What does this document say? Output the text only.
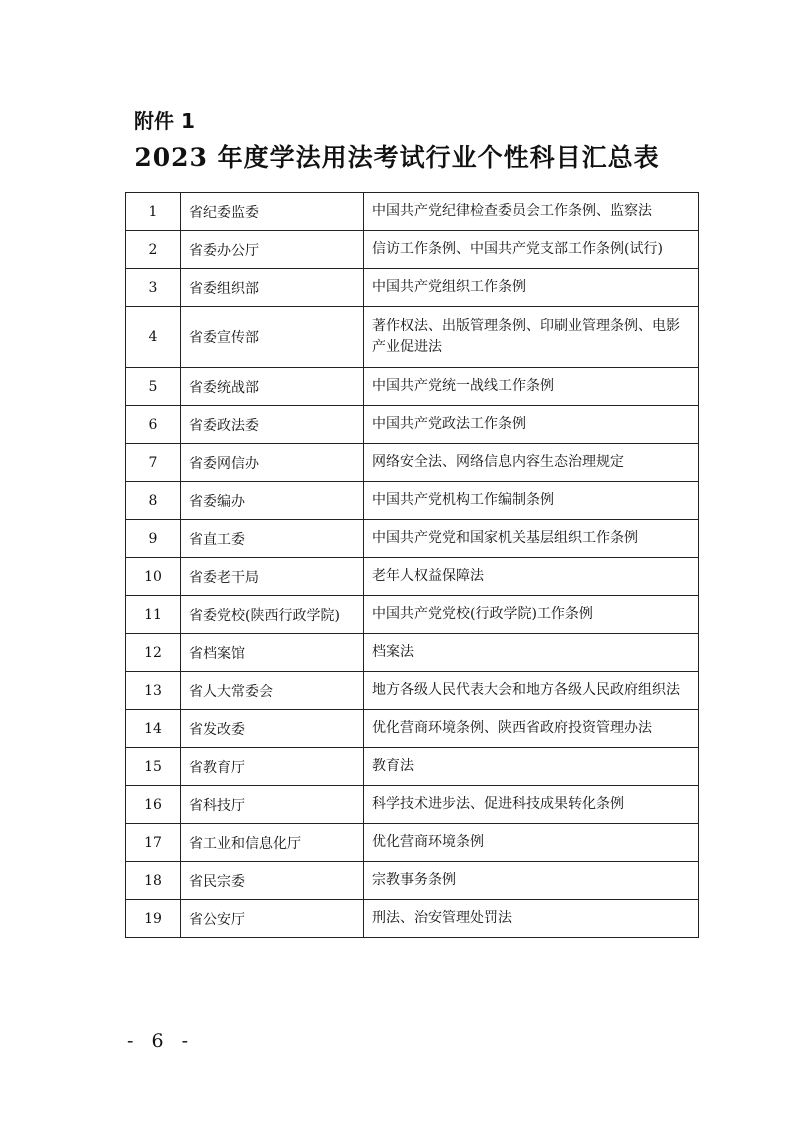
附件 1
2023 年度学法用法考试行业个性科目汇总表
1	省纪委监委	中国共产党纪律检查委员会工作条例、监察法
2	省委办公厅	信访工作条例、中国共产党支部工作条例(试行)
3	省委组织部	中国共产党组织工作条例
4	省委宣传部	著作权法、出版管理条例、印刷业管理条例、电影产业促进法
5	省委统战部	中国共产党统一战线工作条例
6	省委政法委	中国共产党政法工作条例
7	省委网信办	网络安全法、网络信息内容生态治理规定
8	省委编办	中国共产党机构工作编制条例
9	省直工委	中国共产党党和国家机关基层组织工作条例
10	省委老干局	老年人权益保障法
11	省委党校(陕西行政学院)	中国共产党党校(行政学院)工作条例
12	省档案馆	档案法
13	省人大常委会	地方各级人民代表大会和地方各级人民政府组织法
14	省发改委	优化营商环境条例、陕西省政府投资管理办法
15	省教育厅	教育法
16	省科技厅	科学技术进步法、促进科技成果转化条例
17	省工业和信息化厅	优化营商环境条例
18	省民宗委	宗教事务条例
19	省公安厅	刑法、治安管理处罚法
- 6 -
